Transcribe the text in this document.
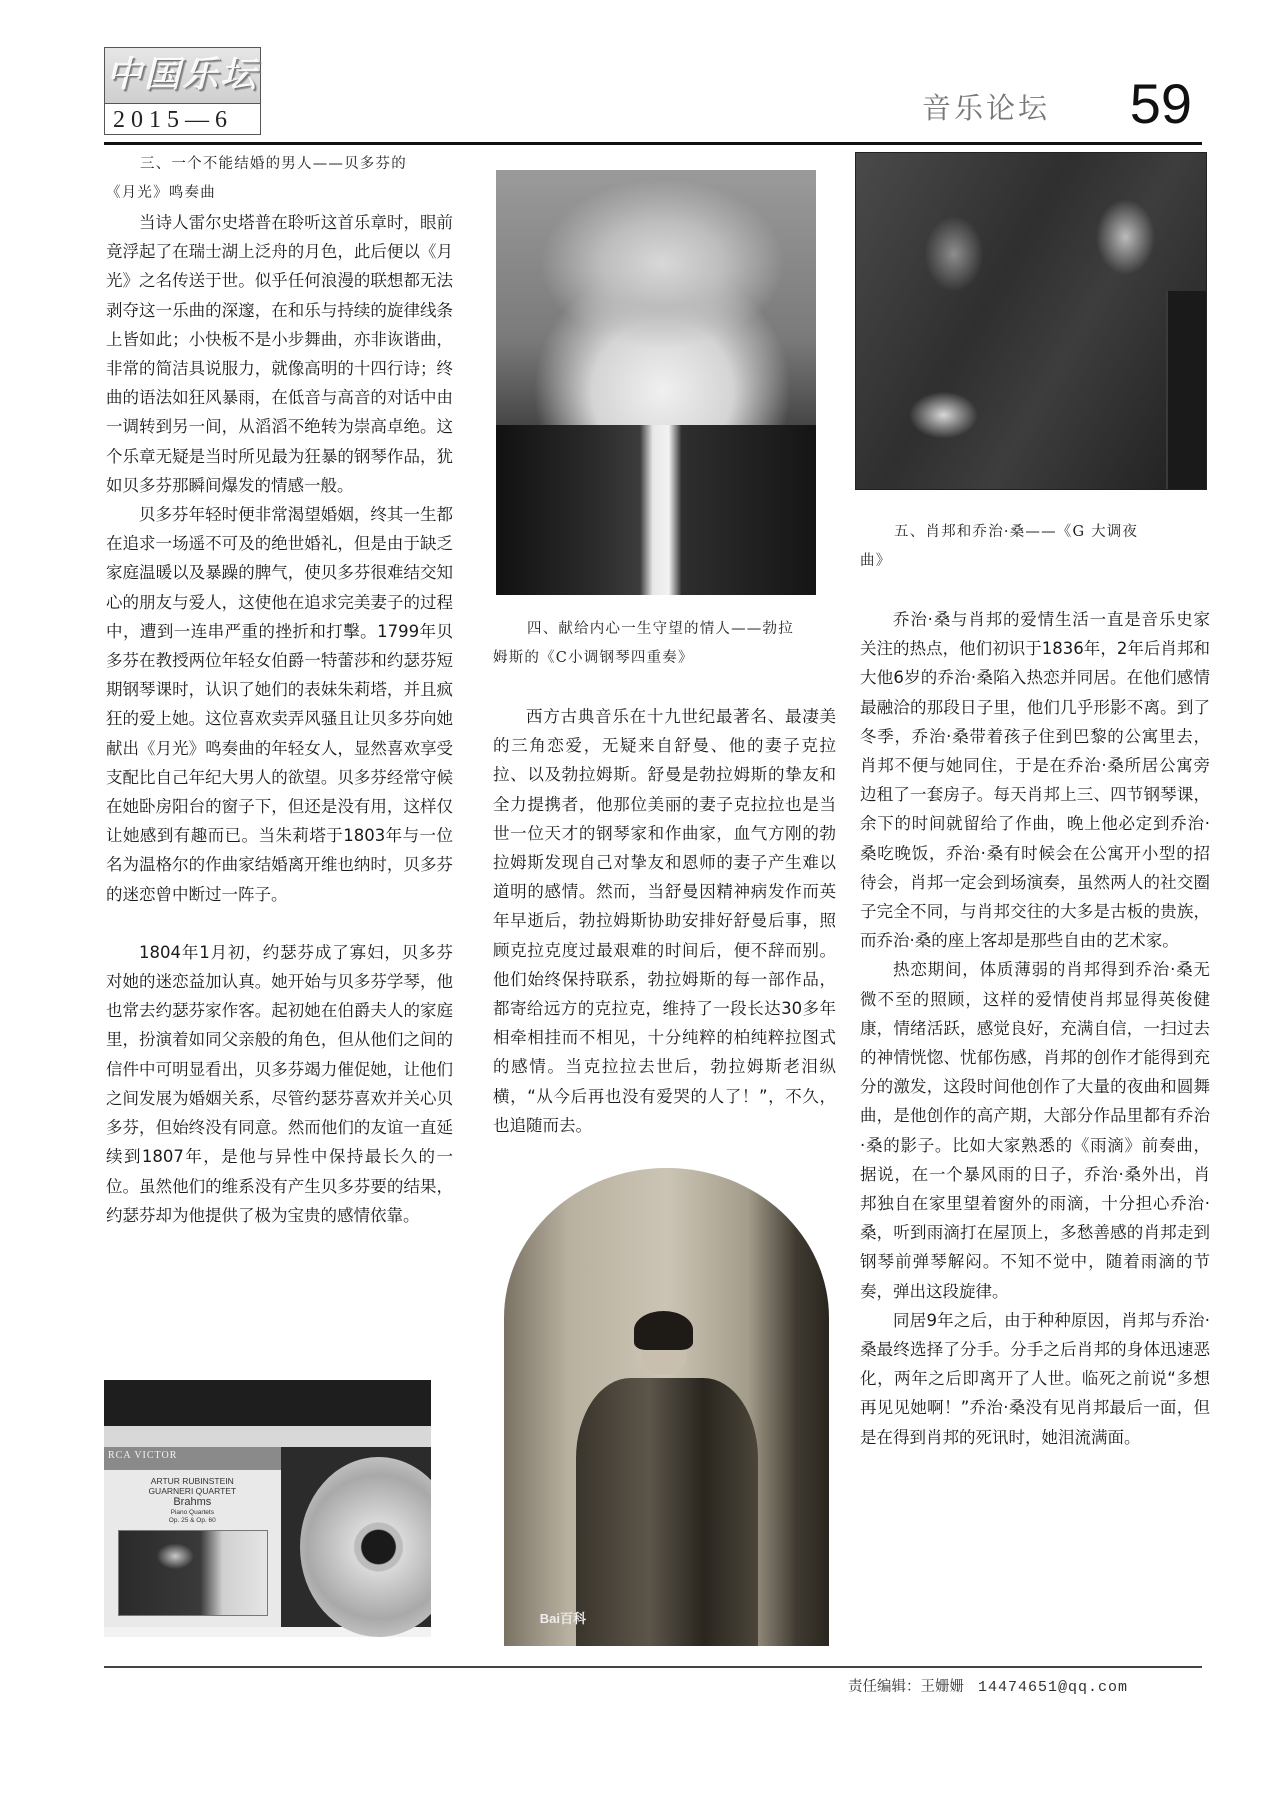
中国乐坛
2015—6	音乐论坛 59
三、一个不能结婚的男人——贝多芬的
《月光》鸣奏曲

当诗人雷尔史塔普在聆听这首乐章时，眼前竟浮起了在瑞士湖上泛舟的月色，此后便以《月光》之名传送于世。似乎任何浪漫的联想都无法剥夺这一乐曲的深邃，在和乐与持续的旋律线条上皆如此；小快板不是小步舞曲，亦非诙谐曲，非常的简洁具说服力，就像高明的十四行诗；终曲的语法如狂风暴雨，在低音与高音的对话中由一调转到另一间，从滔滔不绝转为崇高卓绝。这个乐章无疑是当时所见最为狂暴的钢琴作品，犹如贝多芬那瞬间爆发的情感一般。

贝多芬年轻时便非常渴望婚姻，终其一生都在追求一场遥不可及的绝世婚礼，但是由于缺乏家庭温暖以及暴躁的脾气，使贝多芬很难结交知心的朋友与爱人，这使他在追求完美妻子的过程中，遭到一连串严重的挫折和打擊。1799年贝多芬在教授两位年轻女伯爵一特蕾莎和约瑟芬短期钢琴课时，认识了她们的表妹朱莉塔，并且疯狂的爱上她。这位喜欢卖弄风骚且让贝多芬向她献出《月光》鸣奏曲的年轻女人，显然喜欢享受支配比自己年纪大男人的欲望。贝多芬经常守候在她卧房阳台的窗子下，但还是没有用，这样仅让她感到有趣而已。当朱莉塔于1803年与一位名为温格尔的作曲家结婚离开维也纳时，贝多芬的迷恋曾中断过一阵子。

1804年1月初，约瑟芬成了寡妇，贝多芬对她的迷恋益加认真。她开始与贝多芬学琴，他也常去约瑟芬家作客。起初她在伯爵夫人的家庭里，扮演着如同父亲般的角色，但从他们之间的信件中可明显看出，贝多芬竭力催促她，让他们之间发展为婚姻关系，尽管约瑟芬喜欢并关心贝多芬，但始终没有同意。然而他们的友谊一直延续到1807年，是他与异性中保持最长久的一位。虽然他们的维系没有产生贝多芬要的结果，约瑟芬却为他提供了极为宝贵的感情依靠。

四、献给内心一生守望的情人——勃拉
姆斯的《C小调钢琴四重奏》

西方古典音乐在十九世纪最著名、最凄美的三角恋爱，无疑来自舒曼、他的妻子克拉拉、以及勃拉姆斯。舒曼是勃拉姆斯的挚友和全力提携者，他那位美丽的妻子克拉拉也是当世一位天才的钢琴家和作曲家，血气方刚的勃拉姆斯发现自己对挚友和恩师的妻子产生难以道明的感情。然而，当舒曼因精神病发作而英年早逝后，勃拉姆斯协助安排好舒曼后事，照顾克拉克度过最艰难的时间后，便不辞而别。他们始终保持联系，勃拉姆斯的每一部作品，都寄给远方的克拉克，维持了一段长达30多年相牵相挂而不相见，十分纯粹的柏纯粹拉图式的感情。当克拉拉去世后，勃拉姆斯老泪纵横，“从今后再也没有爱哭的人了！”，不久，也追随而去。

五、肖邦和乔治·桑——《G 大调夜
曲》

乔治·桑与肖邦的爱情生活一直是音乐史家关注的热点，他们初识于1836年，2年后肖邦和大他6岁的乔治·桑陷入热恋并同居。在他们感情最融洽的那段日子里，他们几乎形影不离。到了冬季，乔治·桑带着孩子住到巴黎的公寓里去，肖邦不便与她同住，于是在乔治·桑所居公寓旁边租了一套房子。每天肖邦上三、四节钢琴课，余下的时间就留给了作曲，晚上他必定到乔治·桑吃晚饭，乔治·桑有时候会在公寓开小型的招待会，肖邦一定会到场演奏，虽然两人的社交圈子完全不同，与肖邦交往的大多是古板的贵族，而乔治·桑的座上客却是那些自由的艺术家。

热恋期间，体质薄弱的肖邦得到乔治·桑无微不至的照顾，这样的爱情使肖邦显得英俊健康，情绪活跃，感觉良好，充满自信，一扫过去的神情恍惚、忧郁伤感，肖邦的创作才能得到充分的激发，这段时间他创作了大量的夜曲和圆舞曲，是他创作的高产期，大部分作品里都有乔治·桑的影子。比如大家熟悉的《雨滴》前奏曲，据说，在一个暴风雨的日子，乔治·桑外出，肖邦独自在家里望着窗外的雨滴，十分担心乔治·桑，听到雨滴打在屋顶上，多愁善感的肖邦走到钢琴前弹琴解闷。不知不觉中，随着雨滴的节奏，弹出这段旋律。

同居9年之后，由于种种原因，肖邦与乔治·桑最终选择了分手。分手之后肖邦的身体迅速恶化，两年之后即离开了人世。临死之前说“多想再见见她啊！”乔治·桑没有见肖邦最后一面，但是在得到肖邦的死讯时，她泪流满面。

RCA VICTOR
ARTUR RUBINSTEIN
GUARNERI QUARTET
Brahms
Piano Quartets
Op. 25 & Op. 60
Bai百科
责任编辑：王姗姗 14474651@qq.com
